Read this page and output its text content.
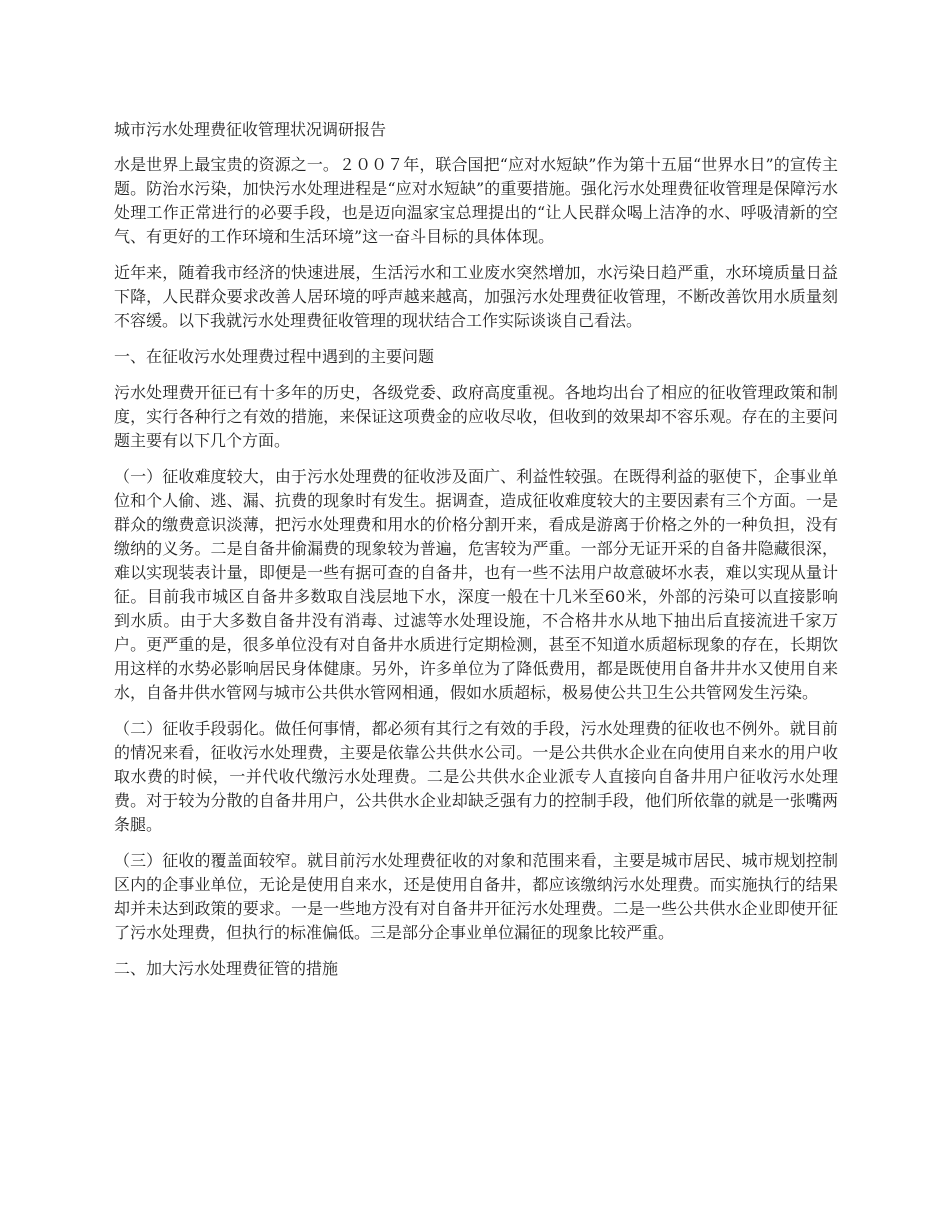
城市污水处理费征收管理状况调研报告

水是世界上最宝贵的资源之一。２００７年，联合国把“应对水短缺”作为第十五届“世界水日”的宣传主题。防治水污染，加快污水处理进程是“应对水短缺”的重要措施。强化污水处理费征收管理是保障污水处理工作正常进行的必要手段，也是迈向温家宝总理提出的“让人民群众喝上洁净的水、呼吸清新的空气、有更好的工作环境和生活环境”这一奋斗目标的具体体现。

近年来，随着我市经济的快速进展，生活污水和工业废水突然增加，水污染日趋严重，水环境质量日益下降，人民群众要求改善人居环境的呼声越来越高，加强污水处理费征收管理，不断改善饮用水质量刻不容缓。以下我就污水处理费征收管理的现状结合工作实际谈谈自己看法。

一、在征收污水处理费过程中遇到的主要问题

污水处理费开征已有十多年的历史，各级党委、政府高度重视。各地均出台了相应的征收管理政策和制度，实行各种行之有效的措施，来保证这项费金的应收尽收，但收到的效果却不容乐观。存在的主要问题主要有以下几个方面。

（一）征收难度较大，由于污水处理费的征收涉及面广、利益性较强。在既得利益的驱使下，企事业单位和个人偷、逃、漏、抗费的现象时有发生。据调查，造成征收难度较大的主要因素有三个方面。一是群众的缴费意识淡薄，把污水处理费和用水的价格分割开来，看成是游离于价格之外的一种负担，没有缴纳的义务。二是自备井偷漏费的现象较为普遍，危害较为严重。一部分无证开采的自备井隐藏很深，难以实现装表计量，即便是一些有据可查的自备井，也有一些不法用户故意破坏水表，难以实现从量计征。目前我市城区自备井多数取自浅层地下水，深度一般在十几米至60米，外部的污染可以直接影响到水质。由于大多数自备井没有消毒、过滤等水处理设施，不合格井水从地下抽出后直接流进千家万户。更严重的是，很多单位没有对自备井水质进行定期检测，甚至不知道水质超标现象的存在，长期饮用这样的水势必影响居民身体健康。另外，许多单位为了降低费用，都是既使用自备井井水又使用自来水，自备井供水管网与城市公共供水管网相通，假如水质超标，极易使公共卫生公共管网发生污染。

（二）征收手段弱化。做任何事情，都必须有其行之有效的手段，污水处理费的征收也不例外。就目前的情况来看，征收污水处理费，主要是依靠公共供水公司。一是公共供水企业在向使用自来水的用户收取水费的时候，一并代收代缴污水处理费。二是公共供水企业派专人直接向自备井用户征收污水处理费。对于较为分散的自备井用户，公共供水企业却缺乏强有力的控制手段，他们所依靠的就是一张嘴两条腿。

（三）征收的覆盖面较窄。就目前污水处理费征收的对象和范围来看，主要是城市居民、城市规划控制区内的企事业单位，无论是使用自来水，还是使用自备井，都应该缴纳污水处理费。而实施执行的结果却并未达到政策的要求。一是一些地方没有对自备井开征污水处理费。二是一些公共供水企业即使开征了污水处理费，但执行的标准偏低。三是部分企事业单位漏征的现象比较严重。

二、加大污水处理费征管的措施
